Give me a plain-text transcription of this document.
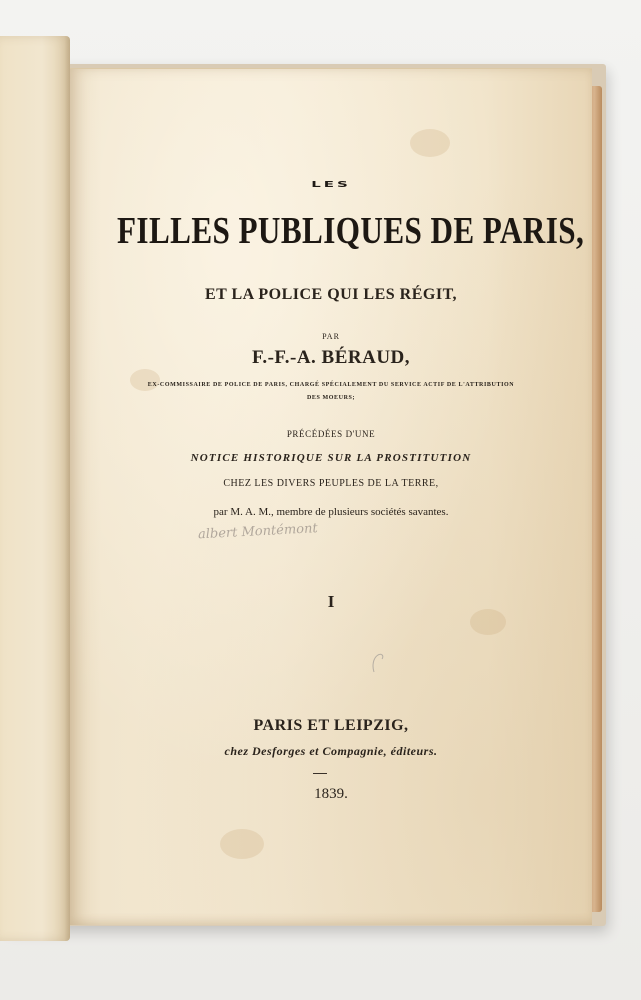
LES
FILLES PUBLIQUES DE PARIS,
ET LA POLICE QUI LES RÉGIT,
PAR
F.-F.-A. BÉRAUD,
EX-COMMISSAIRE DE POLICE DE PARIS, CHARGÉ SPÉCIALEMENT DU SERVICE ACTIF DE L'ATTRIBUTION
DES MOEURS;
PRÉCÉDÉES D'UNE
NOTICE HISTORIQUE SUR LA PROSTITUTION
CHEZ LES DIVERS PEUPLES DE LA TERRE,
par M. A. M., membre de plusieurs sociétés savantes.
albert Montémont
I
PARIS ET LEIPZIG,
chez Desforges et Compagnie, éditeurs.
1839.
